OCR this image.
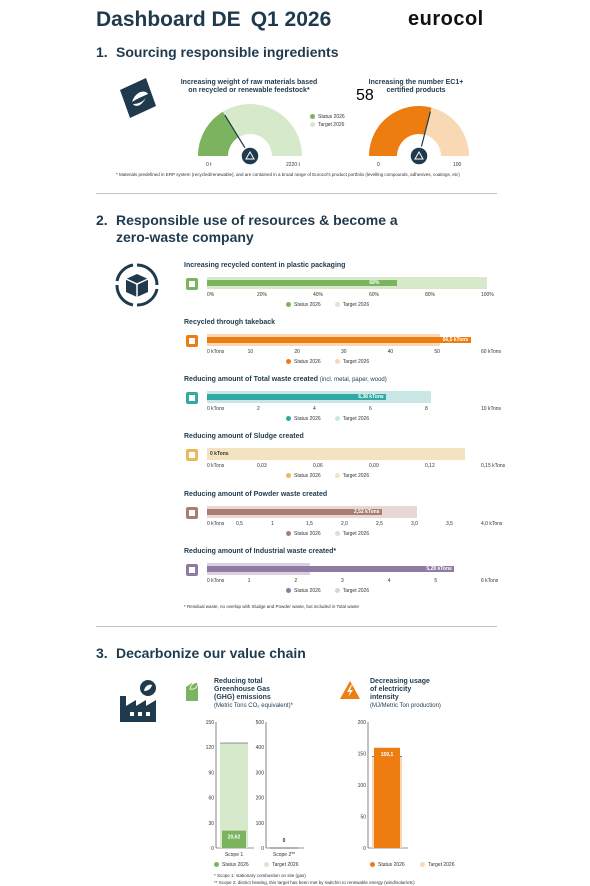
Dashboard DE Q1 2026	eurocol
1. Sourcing responsible ingredients
Increasing weight of raw materials based
on recycled or renewable feedstock*
Increasing the number EC1+
certified products
0 t	2220 t
58
0	100
Status 2026
Target 2026
* Materials predefined in ERP system (recycled/renewable), and are contained in a broad range of Eurocol's product portfolio (levelling compounds, adhesives, coatings, etc)
2. Responsible use of resources & become a
zero-waste company
Increasing recycled content in plastic packaging
68%
0%	20%	40%	60%	80%	100%
Status 2026	Target 2026
Recycled through takeback
56,5 kTons
0 kTons	10	20	30	40	50	60 kTons
Status 2026	Target 2026
Reducing amount of Total waste created (incl. metal, paper, wood)
6,38 kTons
0 kTons	2	4	6	8	10 kTons
Status 2026	Target 2026
Reducing amount of Sludge created
0 kTons
0 kTons	0,03	0,06	0,09	0,12	0,15 kTons
Status 2026	Target 2026
Reducing amount of Powder waste created
2,52 kTons
0 kTons 0,5	1	1,5	2,0	2,5	3,0	3,5	4,0 kTons
Status 2026	Target 2026
Reducing amount of Industrial waste created*
5,28 kTons
0 kTons	1	2	3	4	5	6 kTons
Status 2026	Target 2026
* Residual waste, no overlap with Sludge and Powder waste, but included in Total waste
3. Decarbonize our value chain
Reducing total
Greenhouse Gas
(GHG) emissions
(Metric Tons CO₂ equivalent)*
Decreasing usage
of electricity
intensity
(MJ/Metric Ton production)
0
30
60
90
120
150
20,62
Scope 1
0
100
200
300
400
500
0
Scope 2**
0
50
100
150
200
159,1
Status 2026	Target 2026	Status 2026	Target 2026
* Scope 1: stationary combustion on site (gas)
** Scope 2: district heating, this target has been met by switchin to renewable energy (wind/solar/etc)
